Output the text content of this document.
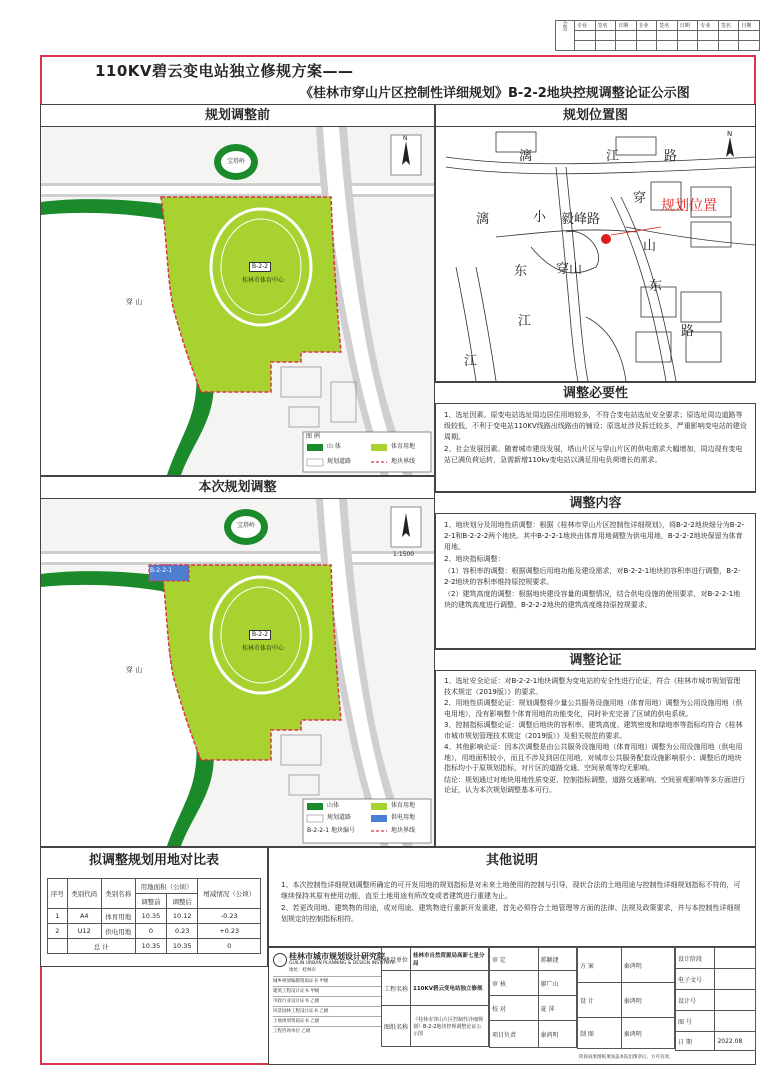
会签	专业	签名	日期	专业	签名	日期	专业	签名	日期

110KV碧云变电站独立修规方案——
《桂林市穿山片区控制性详细规划》B-2-2地块控规调整论证公示图
规划调整前
N
B-2-2
桂林市体育中心
穿 山
宝塔岭
图 例
山 体	体育用地
规划道路	地块界线
规划位置图
N
规划位置
漓	江	路
穿
山
东
路
毅峰路
穿山
漓
江
小
东
江
调整必要性

1、选址因素。原变电站选址周边居住用地较多，不符合变电站选址安全要求；原选址周边道路等级较低，不利于变电站110KV线路出线路由的铺设；原选址涉及拆迁较多，严重影响变电站的建设周期。

2、社会发展因素。随着城市建设发展，塔山片区与穿山片区的供电需求大幅增加，周边现有变电站已满负荷运转，急需新增110kv变电站以满足用电负荷增长的需求。

调整内容

1、地块划分及用地性质调整：根据《桂林市穿山片区控制性详细规划》，将B-2-2地块细分为B-2-2-1和B-2-2-2两个地块。其中B-2-2-1地块由体育用地调整为供电用地，B-2-2-2地块保留为体育用地。

2、地块指标调整：

（1）容积率的调整：根据调整后用地功能及建设需求，对B-2-2-1地块的容积率进行调整，B-2-2-2地块的容积率维持原控规要求。

（2）建筑高度的调整：根据地块建设容量的调整情况，结合供电设施的使用要求，对B-2-2-1地块的建筑高度进行调整，B-2-2-2地块的建筑高度维持原控规要求。

调整论证

1、选址安全论证：对B-2-2-1地块调整为变电站的安全性进行论证，符合《桂林市城市规划管理技术规定（2019版）》的要求。

2、用地性质调整论证：规划调整将少量公共服务设施用地（体育用地）调整为公用设施用地（供电用地），没有影响整个体育用地的功能变化，同时补充完善了区域的供电系统。

3、控制指标调整论证：调整后地块的容积率、建筑高度、建筑密度和绿地率等指标均符合《桂林市城市规划管理技术规定（2019版）》及相关规范的要求。

4、其他影响论证：因本次调整是由公共服务设施用地（体育用地）调整为公用设施用地（供电用地），用地面积较小，而且不涉及到居住用地，对城市公共服务配套设施影响很小；调整后的地块指标均小于原规划指标，对片区的道路交通、空间景观等均无影响。

结论：规划通过对地块用地性质变更、控制指标调整、道路交通影响、空间景观影响等多方面进行论证，认为本次规划调整基本可行。

本次规划调整
B-2-2-1
B-2-2
桂林市体育中心
穿 山
宝塔岭
1:1500
山体	体育用地
规划道路	供电用地
B-2-2-1 地块编号	地块界线
拟调整规划用地对比表
序号	类别代码	类别名称	用地面积（公顷）		增减情况（公顷）
			调整前	调整后	
1	A4	体育用地	10.35	10.12	-0.23
2	U12	供电用地	0	0.23	+0.23
	总 计		10.35	10.35	0
其他说明

1、本次控制性详细规划调整所确定的可开发用地的规划指标是对未来土地使用的控制与引导，现状合法的土地用途与控制性详细规划指标不符的，可继续保持其原有使用功能，直至土地用途有所改变或者建筑进行重建为止。

2、若更改用地、建筑物的用途，或对用途、建筑物进行重新开发重建，首先必须符合土地管理等方面的法律、法规及政策要求，并与本控制性详细规划规定的控制指标相符。

桂林市城市规划设计研究院
GUILIN URBAN PLANNING & DESIGN INSTITUTE
地址：桂林市
城乡规划编制资质证书 甲级
建筑工程设计证书 甲级
市政行业设计证书 乙级
风景园林工程设计证书 乙级
土地规划资质证书 乙级
工程咨询单位 乙级
建设单位	桂林市自然资源局高新七星分局
工程名称	110KV碧云变电站独立修规
图纸名称	《桂林市穿山片区控制性详细规划》B-2-2地块控规调整论证公示图
审 定	蒋颖捷
审 核	廖广山
校 对	夏 萍
项目负责	秦鸿明
方 案	秦鸿明
设 计	秦鸿明
制 图	秦鸿明
设计阶段	
电子文号	
设计号	
图 号	
日 期	2022.08
阶段成果图纸须加盖本院出图章后，方可有效。
